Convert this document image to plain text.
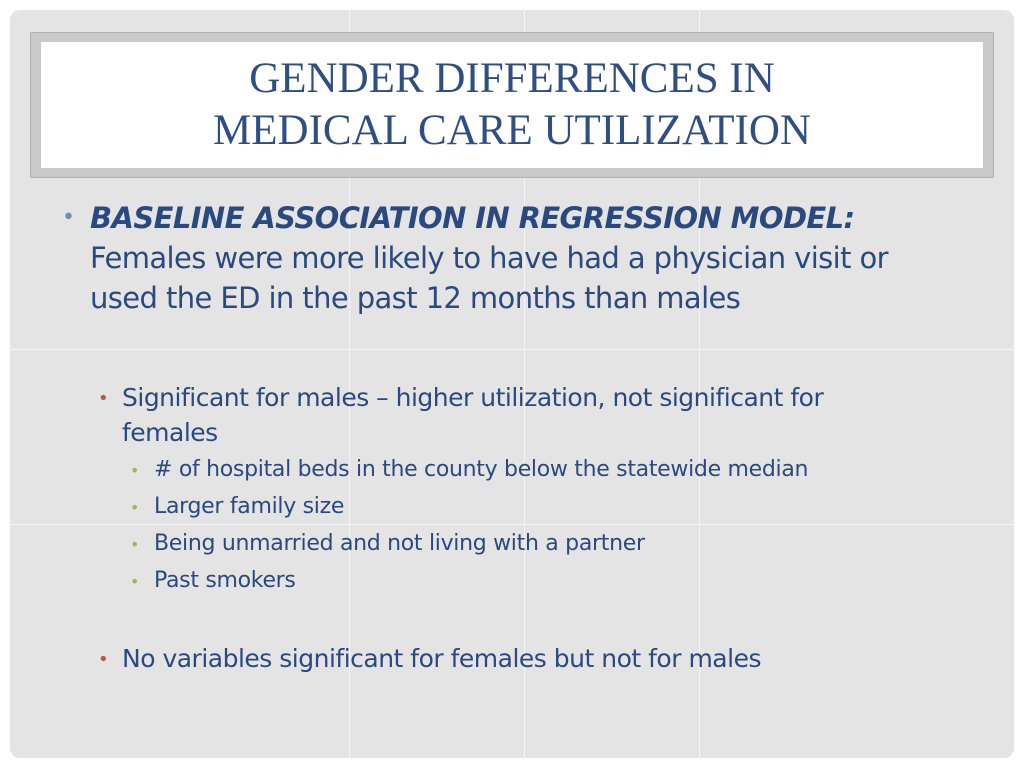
GENDER DIFFERENCES IN
MEDICAL CARE UTILIZATION
• BASELINE ASSOCIATION IN REGRESSION MODEL: Females were more likely to have had a physician visit or used the ED in the past 12 months than males
• Significant for males – higher utilization, not significant for females
• # of hospital beds in the county below the statewide median
• Larger family size
• Being unmarried and not living with a partner
• Past smokers
• No variables significant for females but not for males
